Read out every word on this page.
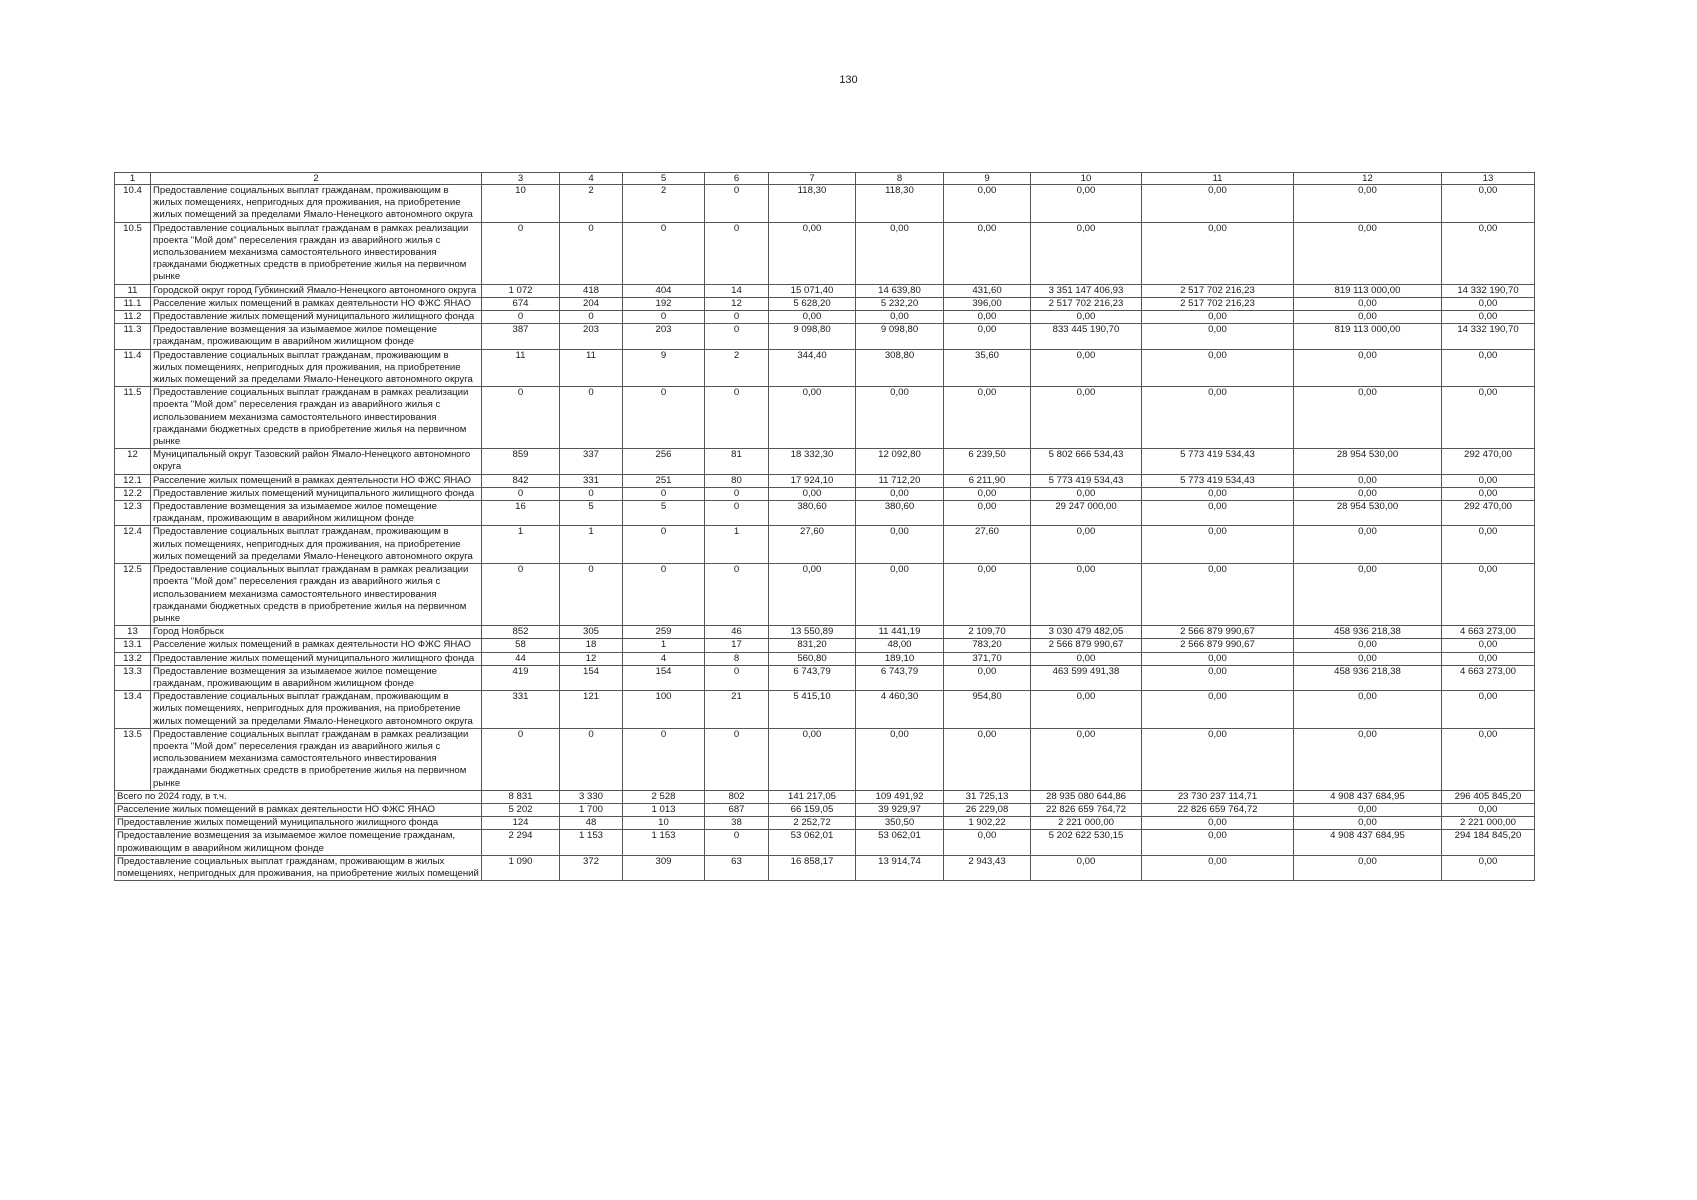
130
1	2	3	4	5	6	7	8	9	10	11	12	13
10.4	Предоставление социальных выплат гражданам, проживающим в жилых помещениях, непригодных для проживания, на приобретение жилых помещений за пределами Ямало-Ненецкого автономного округа	10	2	2	0	118,30	118,30	0,00	0,00	0,00	0,00	0,00
10.5	Предоставление социальных выплат гражданам в рамках реализации проекта "Мой дом" переселения граждан из аварийного жилья с использованием механизма самостоятельного инвестирования гражданами бюджетных средств в приобретение жилья на первичном рынке	0	0	0	0	0,00	0,00	0,00	0,00	0,00	0,00	0,00
11	Городской округ город Губкинский Ямало-Ненецкого автономного округа	1 072	418	404	14	15 071,40	14 639,80	431,60	3 351 147 406,93	2 517 702 216,23	819 113 000,00	14 332 190,70
11.1	Расселение жилых помещений в рамках деятельности НО ФЖС ЯНАО	674	204	192	12	5 628,20	5 232,20	396,00	2 517 702 216,23	2 517 702 216,23	0,00	0,00
11.2	Предоставление жилых помещений муниципального жилищного фонда	0	0	0	0	0,00	0,00	0,00	0,00	0,00	0,00	0,00
11.3	Предоставление возмещения за изымаемое жилое помещение гражданам, проживающим в аварийном жилищном фонде	387	203	203	0	9 098,80	9 098,80	0,00	833 445 190,70	0,00	819 113 000,00	14 332 190,70
11.4	Предоставление социальных выплат гражданам, проживающим в жилых помещениях, непригодных для проживания, на приобретение жилых помещений за пределами Ямало-Ненецкого автономного округа	11	11	9	2	344,40	308,80	35,60	0,00	0,00	0,00	0,00
11.5	Предоставление социальных выплат гражданам в рамках реализации проекта "Мой дом" переселения граждан из аварийного жилья с использованием механизма самостоятельного инвестирования гражданами бюджетных средств в приобретение жилья на первичном рынке	0	0	0	0	0,00	0,00	0,00	0,00	0,00	0,00	0,00
12	Муниципальный округ Тазовский район Ямало-Ненецкого автономного округа	859	337	256	81	18 332,30	12 092,80	6 239,50	5 802 666 534,43	5 773 419 534,43	28 954 530,00	292 470,00
12.1	Расселение жилых помещений в рамках деятельности НО ФЖС ЯНАО	842	331	251	80	17 924,10	11 712,20	6 211,90	5 773 419 534,43	5 773 419 534,43	0,00	0,00
12.2	Предоставление жилых помещений муниципального жилищного фонда	0	0	0	0	0,00	0,00	0,00	0,00	0,00	0,00	0,00
12.3	Предоставление возмещения за изымаемое жилое помещение гражданам, проживающим в аварийном жилищном фонде	16	5	5	0	380,60	380,60	0,00	29 247 000,00	0,00	28 954 530,00	292 470,00
12.4	Предоставление социальных выплат гражданам, проживающим в жилых помещениях, непригодных для проживания, на приобретение жилых помещений за пределами Ямало-Ненецкого автономного округа	1	1	0	1	27,60	0,00	27,60	0,00	0,00	0,00	0,00
12.5	Предоставление социальных выплат гражданам в рамках реализации проекта "Мой дом" переселения граждан из аварийного жилья с использованием механизма самостоятельного инвестирования гражданами бюджетных средств в приобретение жилья на первичном рынке	0	0	0	0	0,00	0,00	0,00	0,00	0,00	0,00	0,00
13	Город Ноябрьск	852	305	259	46	13 550,89	11 441,19	2 109,70	3 030 479 482,05	2 566 879 990,67	458 936 218,38	4 663 273,00
13.1	Расселение жилых помещений в рамках деятельности НО ФЖС ЯНАО	58	18	1	17	831,20	48,00	783,20	2 566 879 990,67	2 566 879 990,67	0,00	0,00
13.2	Предоставление жилых помещений муниципального жилищного фонда	44	12	4	8	560,80	189,10	371,70	0,00	0,00	0,00	0,00
13.3	Предоставление возмещения за изымаемое жилое помещение гражданам, проживающим в аварийном жилищном фонде	419	154	154	0	6 743,79	6 743,79	0,00	463 599 491,38	0,00	458 936 218,38	4 663 273,00
13.4	Предоставление социальных выплат гражданам, проживающим в жилых помещениях, непригодных для проживания, на приобретение жилых помещений за пределами Ямало-Ненецкого автономного округа	331	121	100	21	5 415,10	4 460,30	954,80	0,00	0,00	0,00	0,00
13.5	Предоставление социальных выплат гражданам в рамках реализации проекта "Мой дом" переселения граждан из аварийного жилья с использованием механизма самостоятельного инвестирования гражданами бюджетных средств в приобретение жилья на первичном рынке	0	0	0	0	0,00	0,00	0,00	0,00	0,00	0,00	0,00
Всего по 2024 году, в т.ч.		8 831	3 330	2 528	802	141 217,05	109 491,92	31 725,13	28 935 080 644,86	23 730 237 114,71	4 908 437 684,95	296 405 845,20
Расселение жилых помещений в рамках деятельности НО ФЖС ЯНАО		5 202	1 700	1 013	687	66 159,05	39 929,97	26 229,08	22 826 659 764,72	22 826 659 764,72	0,00	0,00
Предоставление жилых помещений муниципального жилищного фонда		124	48	10	38	2 252,72	350,50	1 902,22	2 221 000,00	0,00	0,00	2 221 000,00
Предоставление возмещения за изымаемое жилое помещение гражданам, проживающим в аварийном жилищном фонде		2 294	1 153	1 153	0	53 062,01	53 062,01	0,00	5 202 622 530,15	0,00	4 908 437 684,95	294 184 845,20
Предоставление социальных выплат гражданам, проживающим в жилых помещениях, непригодных для проживания, на приобретение жилых помещений		1 090	372	309	63	16 858,17	13 914,74	2 943,43	0,00	0,00	0,00	0,00
